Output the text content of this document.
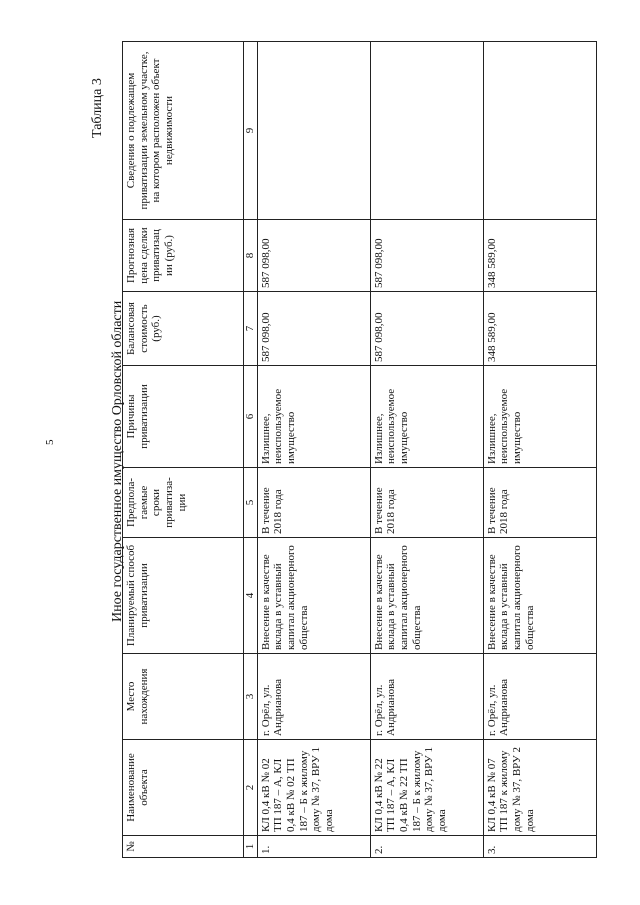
5
Таблица 3
Иное государственное имущество Орловской области
№	Наименование объекта	Место нахождения	Планируемый способ приватизации	Предпола-гаемые сроки приватиза-ции	Причины приватизации	Балансовая стоимость (руб.)	Прогнозная цена сделки приватизац ии (руб.)	Сведения о подлежащем приватизации земельном участке, на котором расположен объект недвижимости
1	2	3	4	5	6	7	8	9
1.	КЛ 0,4 кВ № 02 ТП 187 – А, КЛ 0,4 кВ № 02 ТП 187 – Б к жилому дому № 37, ВРУ 1 дома	г. Орёл, ул. Андрианова	Внесение в качестве вклада в уставный капитал акционерного общества	В течение 2018 года	Излишнее, неиспользуемое имущество	587 098,00	587 098,00	
2.	КЛ 0,4 кВ № 22 ТП 187 – А, КЛ 0,4 кВ № 22 ТП 187 – Б к жилому дому № 37, ВРУ 1 дома	г. Орёл, ул. Андрианова	Внесение в качестве вклада в уставный капитал акционерного общества	В течение 2018 года	Излишнее, неиспользуемое имущество	587 098,00	587 098,00	
3.	КЛ 0,4 кВ № 07 ТП 187 к жилому дому № 37, ВРУ 2 дома	г. Орёл, ул. Андрианова	Внесение в качестве вклада в уставный капитал акционерного общества	В течение 2018 года	Излишнее, неиспользуемое имущество	348 589,00	348 589,00	
